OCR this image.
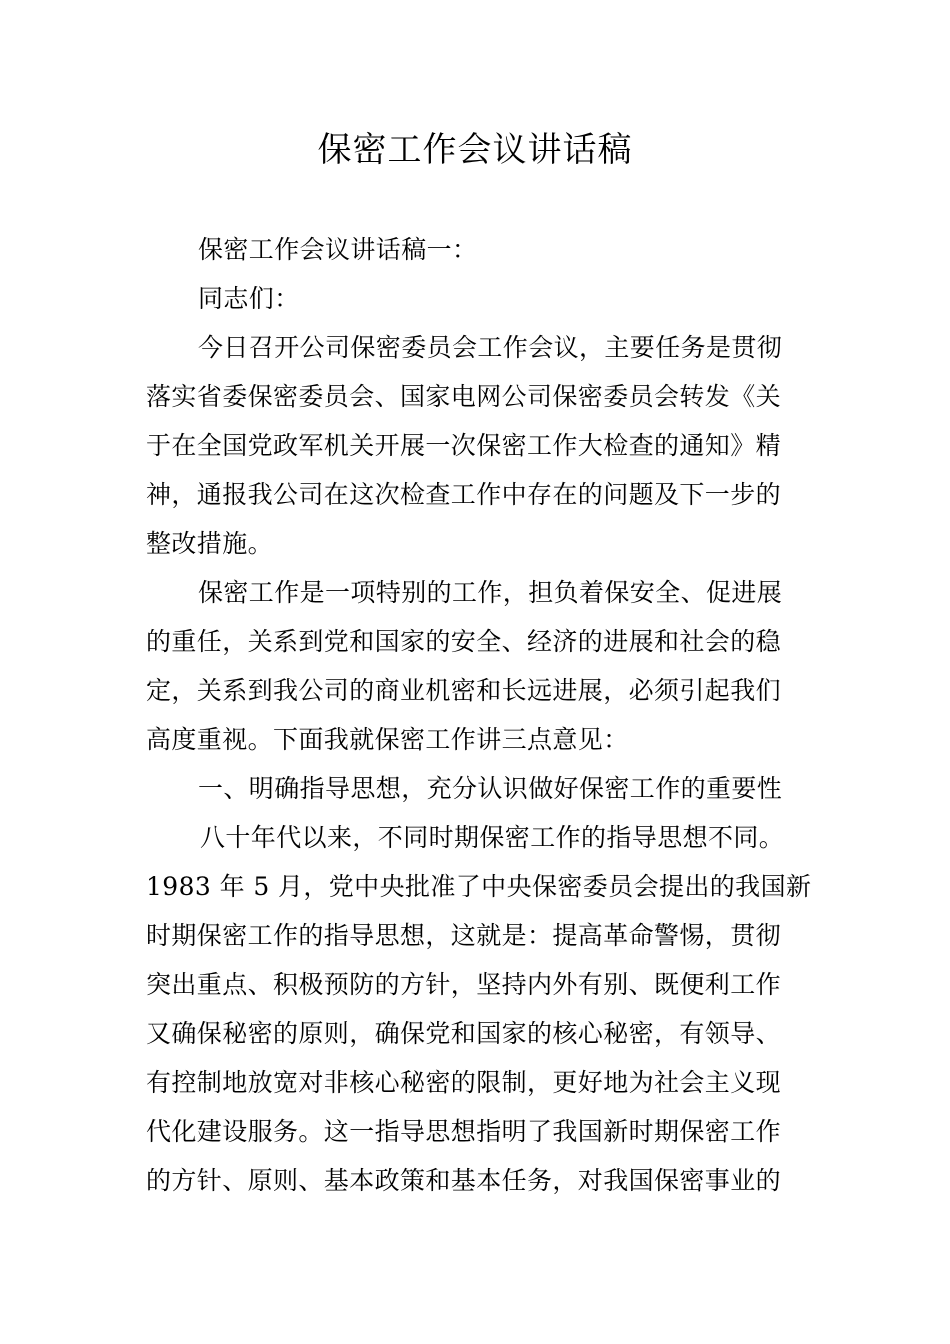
保密工作会议讲话稿
保密工作会议讲话稿一：
同志们：
今日召开公司保密委员会工作会议，主要任务是贯彻
落实省委保密委员会、国家电网公司保密委员会转发《关
于在全国党政军机关开展一次保密工作大检查的通知》精
神，通报我公司在这次检查工作中存在的问题及下一步的
整改措施。
保密工作是一项特别的工作，担负着保安全、促进展
的重任，关系到党和国家的安全、经济的进展和社会的稳
定，关系到我公司的商业机密和长远进展，必须引起我们
高度重视。下面我就保密工作讲三点意见：
一、明确指导思想，充分认识做好保密工作的重要性
八十年代以来，不同时期保密工作的指导思想不同。
1983 年 5 月，党中央批准了中央保密委员会提出的我国新
时期保密工作的指导思想，这就是：提高革命警惕，贯彻
突出重点、积极预防的方针，坚持内外有别、既便利工作
又确保秘密的原则，确保党和国家的核心秘密，有领导、
有控制地放宽对非核心秘密的限制，更好地为社会主义现
代化建设服务。这一指导思想指明了我国新时期保密工作
的方针、原则、基本政策和基本任务，对我国保密事业的
